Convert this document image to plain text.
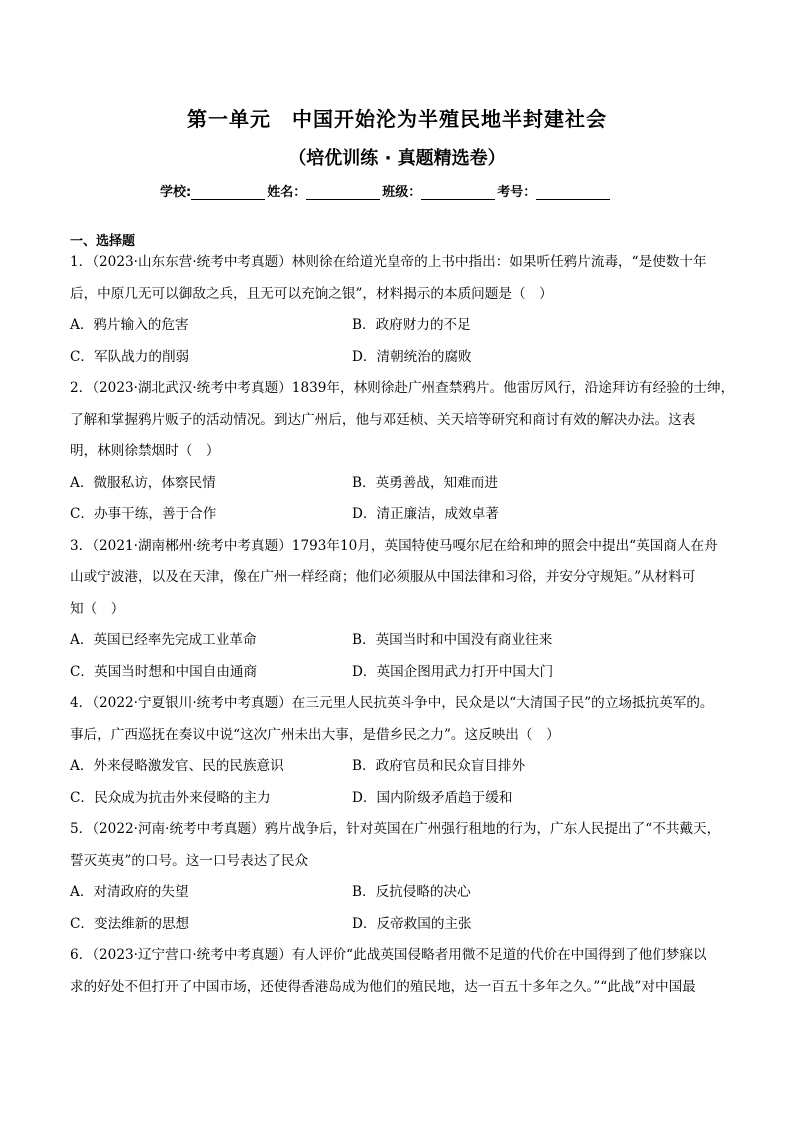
第一单元　中国开始沦为半殖民地半封建社会
（培优训练 · 真题精选卷）
学校:	姓名：	班级：	考号：
一、选择题
1．（2023·山东东营·统考中考真题）林则徐在给道光皇帝的上书中指出：如果听任鸦片流毒，“是使数十年
后，中原几无可以御敌之兵，且无可以充饷之银”，材料揭示的本质问题是（　）
A．鸦片输入的危害	B．政府财力的不足
C．军队战力的削弱	D．清朝统治的腐败
2．（2023·湖北武汉·统考中考真题）1839年，林则徐赴广州查禁鸦片。他雷厉风行，沿途拜访有经验的士绅，
了解和掌握鸦片贩子的活动情况。到达广州后，他与邓廷桢、关天培等研究和商讨有效的解决办法。这表
明，林则徐禁烟时（　）
A．微服私访，体察民情	B．英勇善战，知难而进
C．办事干练，善于合作	D．清正廉洁，成效卓著
3．（2021·湖南郴州·统考中考真题）1793年10月，英国特使马嘎尔尼在给和珅的照会中提出“英国商人在舟
山或宁波港，以及在天津，像在广州一样经商；他们必须服从中国法律和习俗，并安分守规矩。”从材料可
知（　）
A．英国已经率先完成工业革命	B．英国当时和中国没有商业往来
C．英国当时想和中国自由通商	D．英国企图用武力打开中国大门
4．（2022·宁夏银川·统考中考真题）在三元里人民抗英斗争中，民众是以“大清国子民”的立场抵抗英军的。
事后，广西巡抚在奏议中说“这次广州未出大事，是借乡民之力”。这反映出（　）
A．外来侵略激发官、民的民族意识	B．政府官员和民众盲目排外
C．民众成为抗击外来侵略的主力	D．国内阶级矛盾趋于缓和
5．（2022·河南·统考中考真题）鸦片战争后，针对英国在广州强行租地的行为，广东人民提出了“不共戴天，
誓灭英夷”的口号。这一口号表达了民众
A．对清政府的失望	B．反抗侵略的决心
C．变法维新的思想	D．反帝救国的主张
6．（2023·辽宁营口·统考中考真题）有人评价“此战英国侵略者用微不足道的代价在中国得到了他们梦寐以
求的好处不但打开了中国市场，还使得香港岛成为他们的殖民地，达一百五十多年之久。”“此战”对中国最
